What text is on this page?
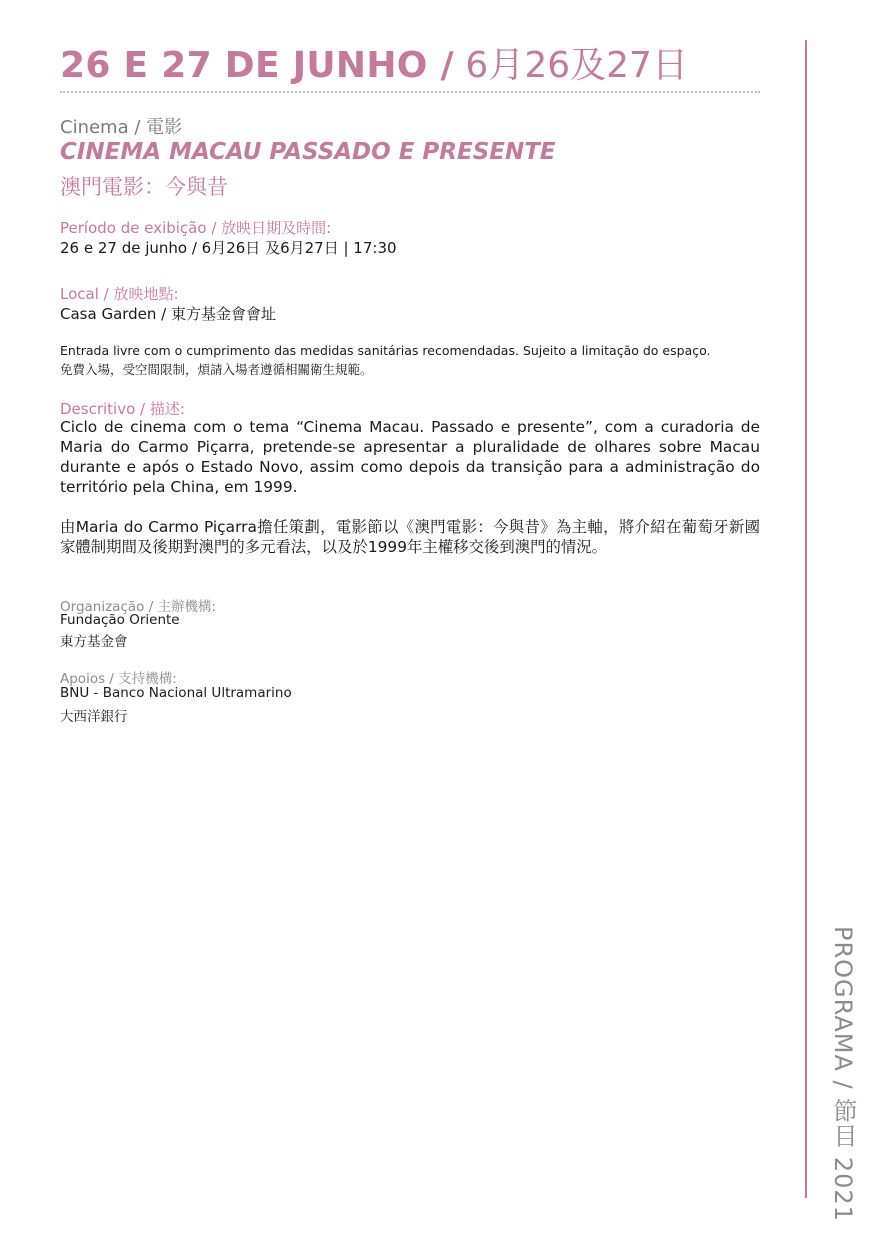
26 E 27 DE JUNHO / 6月26及27日
PROGRAMA / 節目 2021
Cinema / 電影
CINEMA MACAU PASSADO E PRESENTE
澳門電影：今與昔
Período de exibição / 放映日期及時間:
26 e 27 de junho / 6月26日 及6月27日 | 17:30
Local / 放映地點:
Casa Garden / 東方基金會會址
Entrada livre com o cumprimento das medidas sanitárias recomendadas. Sujeito a limitação do espaço.
免費入場，受空間限制，煩請入場者遵循相關衛生規範。
Descritivo / 描述:
Ciclo de cinema com o tema “Cinema Macau. Passado e presente”, com a curadoria de Maria do Carmo Piçarra, pretende-se apresentar a pluralidade de olhares sobre Macau durante e após o Estado Novo, assim como depois da transição para a administração do território pela China, em 1999.
由Maria do Carmo Piçarra擔任策劃，電影節以《澳門電影：今與昔》為主軸，將介紹在葡萄牙新國家體制期間及後期對澳門的多元看法，以及於1999年主權移交後到澳門的情況。
Organização / 主辦機構:
Fundação Oriente
東方基金會
Apoios / 支持機構:
BNU - Banco Nacional Ultramarino
大西洋銀行
